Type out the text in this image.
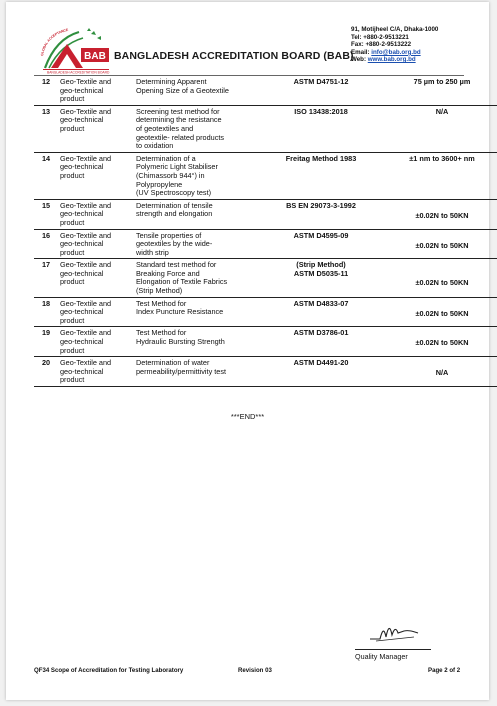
BAB
GLOBAL ACCEPTANCE
BANGLADESH ACCREDITATION BOARD
BANGLADESH ACCREDITATION BOARD (BAB)
91, Motijheel C/A, Dhaka-1000
Tel: +880-2-9513221
Fax: +880-2-9513222
Email: info@bab.org.bd
Web: www.bab.org.bd
12	Geo-Textile and
geo-technical
product	Determining Apparent
Opening Size of a Geotextile	ASTM D4751-12	75 µm to 250 µm

13	Geo-Textile and
geo-technical
product	Screening test method for
determining the resistance
of geotextiles and
geotextile- related products
to oxidation	ISO 13438:2018	N/A

14	Geo-Textile and
geo-technical
product	Determination of a
Polymeric Light Stabiliser
(Chimassorb 944°) in
Polypropylene
(UV Spectroscopy test)	Freitag Method 1983	±1 nm to 3600+ nm

15	Geo-Textile and
geo-technical
product	Determination of tensile
strength and elongation	BS EN 29073-3-1992	±0.02N to 50KN

16	Geo-Textile and
geo-technical
product	Tensile properties of
geotextiles by the wide-
width strip	ASTM D4595-09	±0.02N to 50KN

17	Geo-Textile and
geo-technical
product	Standard test method for
Breaking Force and
Elongation of Textile Fabrics
(Strip Method)	(Strip Method)
ASTM D5035-11	±0.02N to 50KN

18	Geo-Textile and
geo-technical
product	Test Method for
Index Puncture Resistance	ASTM D4833-07	±0.02N to 50KN

19	Geo-Textile and
geo-technical
product	Test Method for
Hydraulic Bursting Strength	ASTM D3786-01	±0.02N to 50KN

20	Geo-Textile and
geo-technical
product	Determination of water
permeability/permittivity test	ASTM D4491-20	N/A
***END***
Quality Manager
QF34 Scope of Accreditation for Testing Laboratory	Revision 03	Page 2 of 2
